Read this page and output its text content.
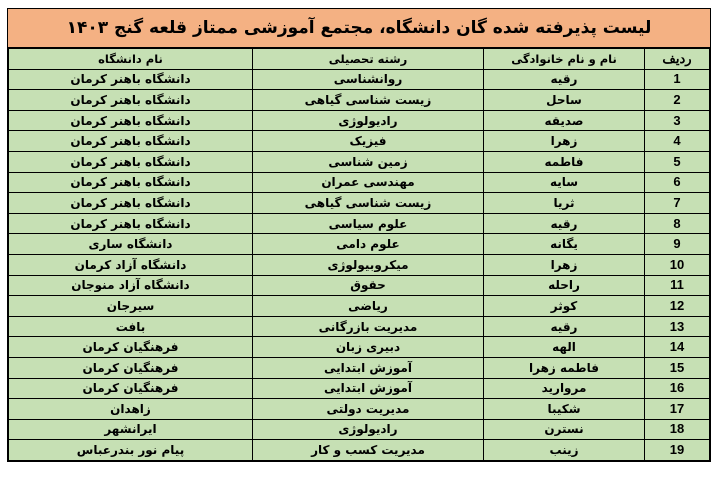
لیست پذیرفته شده گان دانشگاه، مجتمع آموزشی ممتاز قلعه گنج ۱۴۰۳
ردیف	نام و نام خانوادگی	رشته تحصیلی	نام دانشگاه
1	رقیه	روانشناسی	دانشگاه باهنر کرمان
2	ساحل	زیست شناسی گیاهی	دانشگاه باهنر کرمان
3	صدیقه	رادیولوژی	دانشگاه باهنر کرمان
4	زهرا	فیزیک	دانشگاه باهنر کرمان
5	فاطمه	زمین شناسی	دانشگاه باهنر کرمان
6	سایه	مهندسی عمران	دانشگاه باهنر کرمان
7	ثریا	زیست شناسی گیاهی	دانشگاه باهنر کرمان
8	رقیه	علوم سیاسی	دانشگاه باهنر کرمان
9	یگانه	علوم دامی	دانشگاه ساری
10	زهرا	میکروبیولوژی	دانشگاه آزاد کرمان
11	راحله	حقوق	دانشگاه آزاد منوجان
12	کوثر	ریاضی	سیرجان
13	رقیه	مدیریت بازرگانی	بافت
14	الهه	دبیری زبان	فرهنگیان کرمان
15	فاطمه زهرا	آموزش ابتدایی	فرهنگیان کرمان
16	مروارید	آموزش ابتدایی	فرهنگیان کرمان
17	شکیبا	مدیریت دولتی	زاهدان
18	نسترن	رادیولوژی	ایرانشهر
19	زینب	مدیریت کسب و کار	پیام نور بندرعباس
